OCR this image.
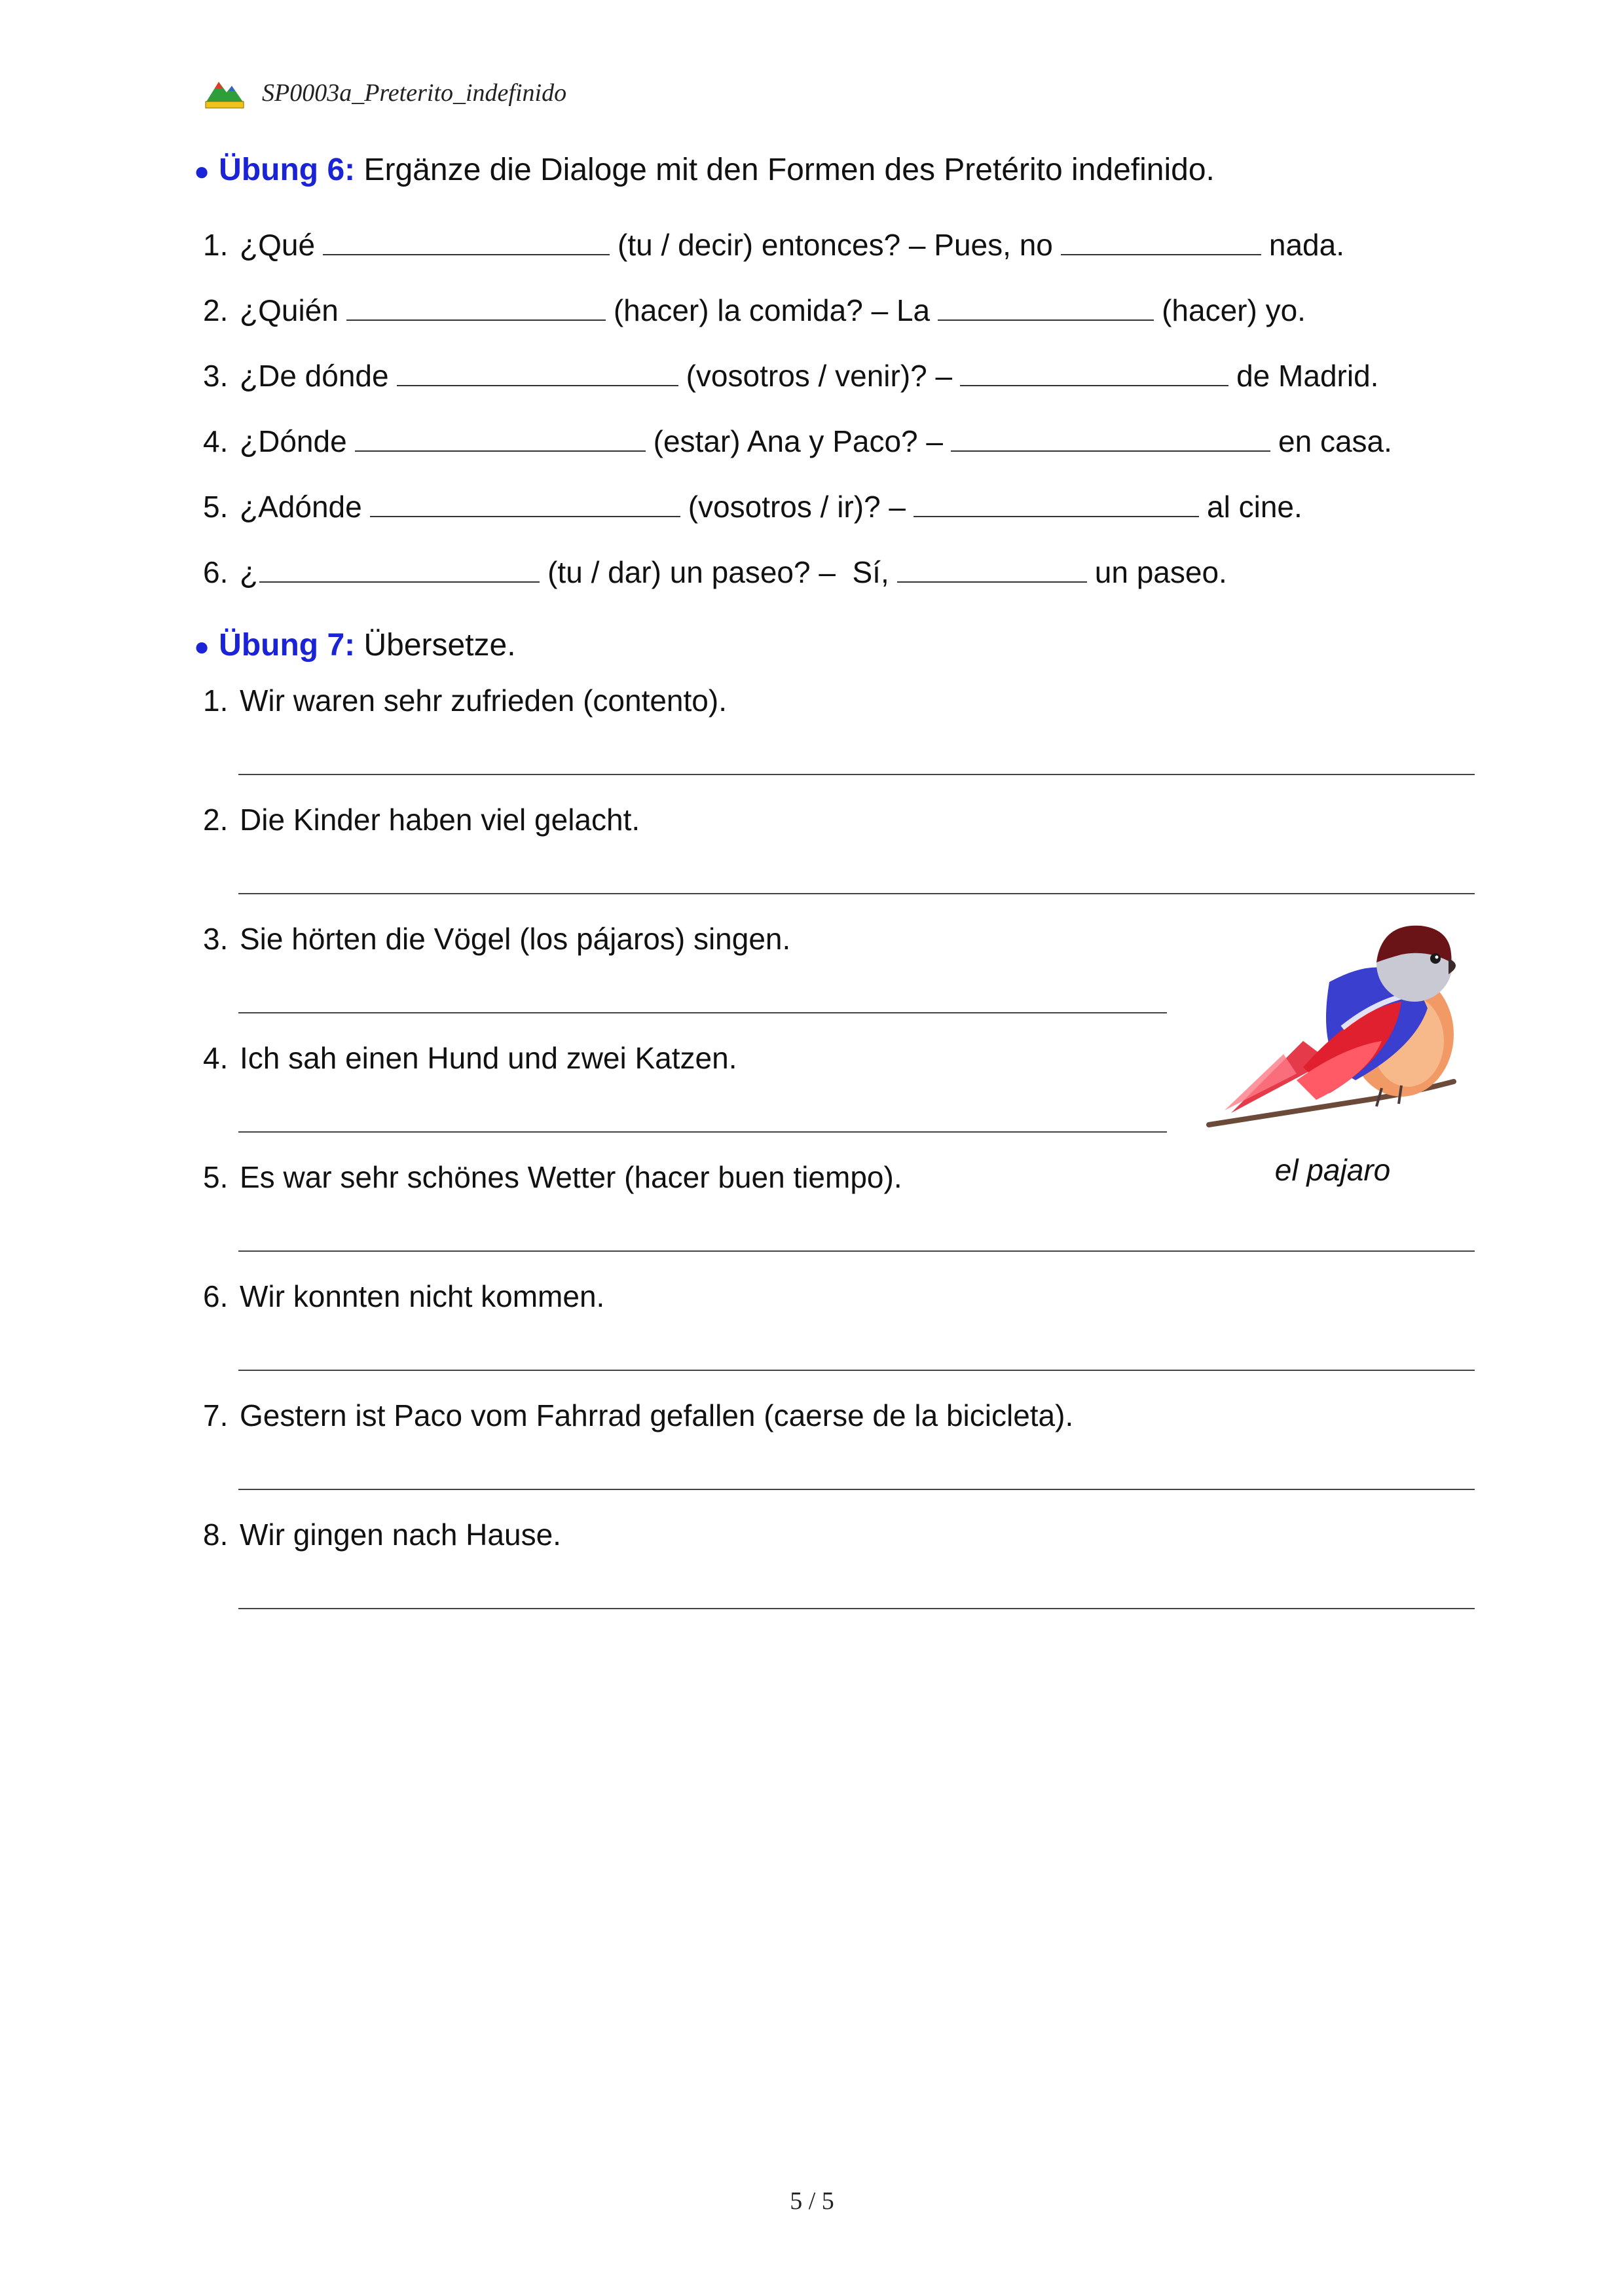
SP0003a_Preterito_indefinido
● Übung 6: Ergänze die Dialoge mit den Formen des Pretérito indefinido.
1. ¿Qué	(tu / decir) entonces? – Pues, no	nada.
2. ¿Quién	(hacer) la comida? – La	(hacer) yo.
3. ¿De dónde	(vosotros / venir)? –	de Madrid.
4. ¿Dónde	(estar) Ana y Paco? –	en casa.
5. ¿Adónde	(vosotros / ir)? –	al cine.
6. ¿	(tu / dar) un paseo? –  Sí,	un paseo.
● Übung 7: Übersetze.
1. Wir waren sehr zufrieden (contento).
2. Die Kinder haben viel gelacht.
3. Sie hörten die Vögel (los pájaros) singen.
4. Ich sah einen Hund und zwei Katzen.
5. Es war sehr schönes Wetter (hacer buen tiempo).
6. Wir konnten nicht kommen.
7. Gestern ist Paco vom Fahrrad gefallen (caerse de la bicicleta).
8. Wir gingen nach Hause.
el pajaro
5 / 5
